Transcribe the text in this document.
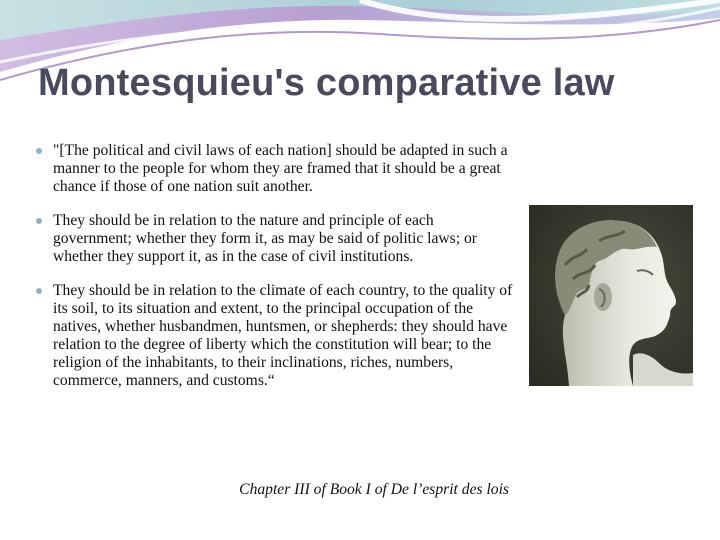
Montesquieu's comparative law
"[The political and civil laws of each nation] should be adapted in such a manner to the people for whom they are framed that it should be a great chance if those of one nation suit another.
They should be in relation to the nature and principle of each government; whether they form it, as may be said of politic laws; or whether they support it, as in the case of civil institutions.
They should be in relation to the climate of each country, to the quality of its soil, to its situation and extent, to the principal occupation of the natives, whether husbandmen, huntsmen, or shepherds: they should have relation to the degree of liberty which the constitution will bear; to the religion of the inhabitants, to their inclinations, riches, numbers, commerce, manners, and customs.“
Chapter III of Book I of De l’esprit des lois
